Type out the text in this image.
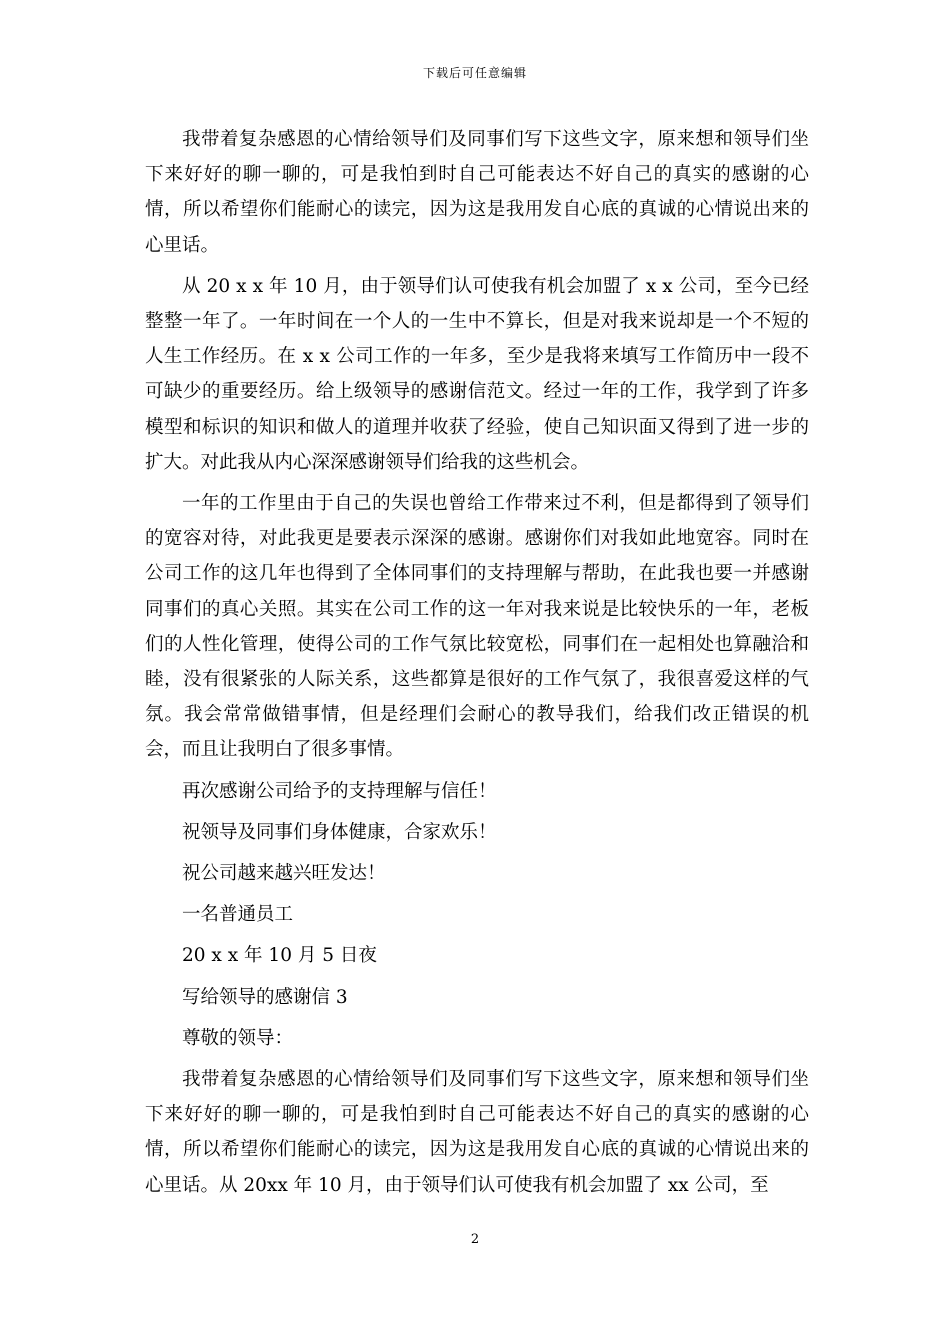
下载后可任意编辑

我带着复杂感恩的心情给领导们及同事们写下这些文字，原来想和领导们坐下来好好的聊一聊的，可是我怕到时自己可能表达不好自己的真实的感谢的心情，所以希望你们能耐心的读完，因为这是我用发自心底的真诚的心情说出来的心里话。

从 20 x x 年 10 月，由于领导们认可使我有机会加盟了 x x 公司，至今已经整整一年了。一年时间在一个人的一生中不算长，但是对我来说却是一个不短的人生工作经历。在 x x 公司工作的一年多，至少是我将来填写工作简历中一段不可缺少的重要经历。给上级领导的感谢信范文。经过一年的工作，我学到了许多模型和标识的知识和做人的道理并收获了经验，使自己知识面又得到了进一步的扩大。对此我从内心深深感谢领导们给我的这些机会。

一年的工作里由于自己的失误也曾给工作带来过不利，但是都得到了领导们的宽容对待，对此我更是要表示深深的感谢。感谢你们对我如此地宽容。同时在公司工作的这几年也得到了全体同事们的支持理解与帮助，在此我也要一并感谢同事们的真心关照。其实在公司工作的这一年对我来说是比较快乐的一年，老板们的人性化管理，使得公司的工作气氛比较宽松，同事们在一起相处也算融洽和睦，没有很紧张的人际关系，这些都算是很好的工作气氛了，我很喜爱这样的气氛。我会常常做错事情，但是经理们会耐心的教导我们，给我们改正错误的机会，而且让我明白了很多事情。

再次感谢公司给予的支持理解与信任！

祝领导及同事们身体健康，合家欢乐！

祝公司越来越兴旺发达！

一名普通员工

20 x x 年 10 月 5 日夜

写给领导的感谢信 3

尊敬的领导：

我带着复杂感恩的心情给领导们及同事们写下这些文字，原来想和领导们坐下来好好的聊一聊的，可是我怕到时自己可能表达不好自己的真实的感谢的心情，所以希望你们能耐心的读完，因为这是我用发自心底的真诚的心情说出来的心里话。从 20xx 年 10 月，由于领导们认可使我有机会加盟了 xx 公司，至

2
